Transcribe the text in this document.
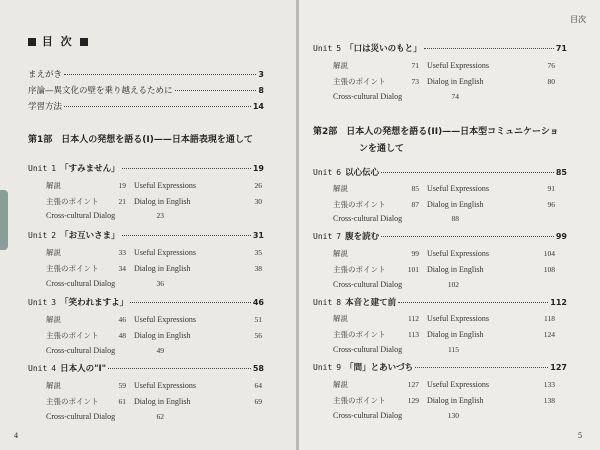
目 次
まえがき	3
序論—異文化の壁を乗り越えるために	8
学習方法	14
第1部　日本人の発想を語る(I)——日本語表現を通して
Unit 1 「すみません」	19
解説	19 Useful Expressions	26
主張のポイント	21 Dialog in English	30
Cross-cultural Dialog	23
Unit 2 「お互いさま」	31
解説	33 Useful Expressions	35
主張のポイント	34 Dialog in English	38
Cross-cultural Dialog	36
Unit 3 「笑われますよ」	46
解説	46 Useful Expressions	51
主張のポイント	48 Dialog in English	56
Cross-cultural Dialog	49
Unit 4 日本人の"I"	58
解説	59 Useful Expressions	64
主張のポイント	61 Dialog in English	69
Cross-cultural Dialog	62
4
目次
Unit 5 「口は災いのもと」	71
解説	71 Useful Expressions	76
主張のポイント	73 Dialog in English	80
Cross-cultural Dialog	74
第2部　日本人の発想を語る(II)——日本型コミュニケーショ
ンを通して
Unit 6 以心伝心	85
解説	85 Useful Expressions	91
主張のポイント	87 Dialog in English	96
Cross-cultural Dialog	88
Unit 7 腹を読む	99
解説	99 Useful Expressions	104
主張のポイント	101 Dialog in English	108
Cross-cultural Dialog	102
Unit 8 本音と建て前	112
解説	112 Useful Expressions	118
主張のポイント	113 Dialog in English	124
Cross-cultural Dialog	115
Unit 9 「間」とあいづち	127
解説	127 Useful Expressions	133
主張のポイント	129 Dialog in English	138
Cross-cultural Dialog	130
5
